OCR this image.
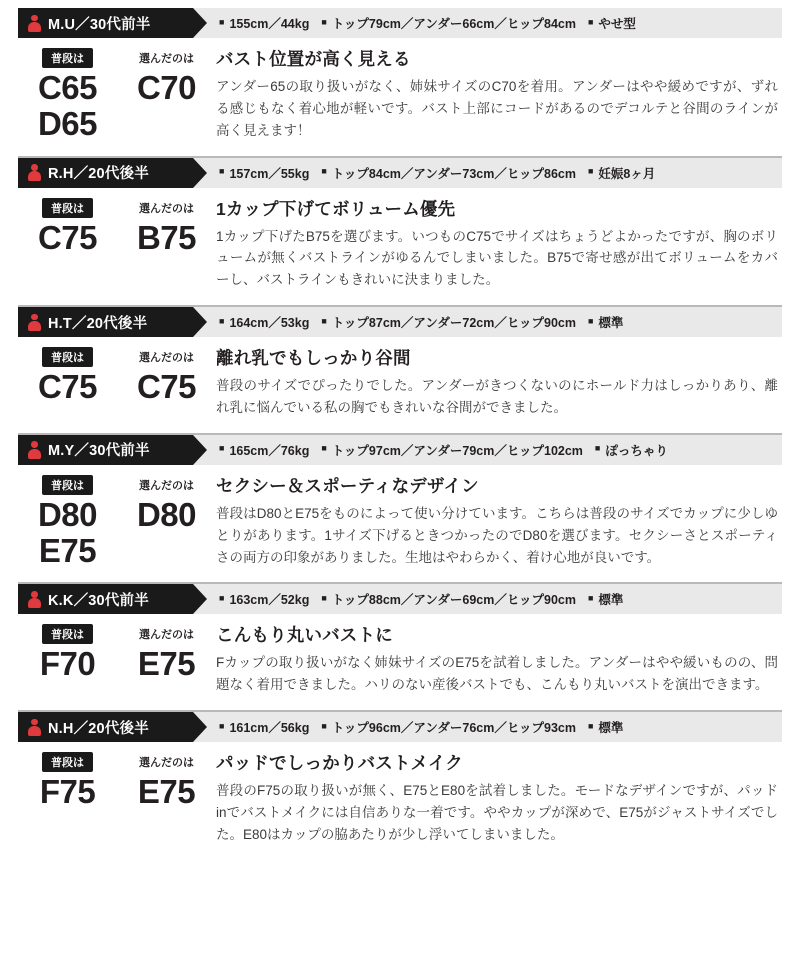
M.U／30代前半	■ 155cm／44kg ■ トップ79cm／アンダー66cm／ヒップ84cm ■ やせ型
普段は
C65
D65
選んだのは
C70
バスト位置が高く見える

アンダー65の取り扱いがなく、姉妹サイズのC70を着用。アンダーはやや緩めですが、ずれる感じもなく着心地が軽いです。バスト上部にコードがあるのでデコルテと谷間のラインが高く見えます！

R.H／20代後半	■ 157cm／55kg ■ トップ84cm／アンダー73cm／ヒップ86cm ■ 妊娠8ヶ月
普段は
C75
選んだのは
B75
1カップ下げてボリューム優先

1カップ下げたB75を選びます。いつものC75でサイズはちょうどよかったですが、胸のボリュームが無くバストラインがゆるんでしまいました。B75で寄せ感が出てボリュームをカバーし、バストラインもきれいに決まりました。

H.T／20代後半	■ 164cm／53kg ■ トップ87cm／アンダー72cm／ヒップ90cm ■ 標準
普段は
C75
選んだのは
C75
離れ乳でもしっかり谷間

普段のサイズでぴったりでした。アンダーがきつくないのにホールド力はしっかりあり、離れ乳に悩んでいる私の胸でもきれいな谷間ができました。

M.Y／30代前半	■ 165cm／76kg ■ トップ97cm／アンダー79cm／ヒップ102cm ■ ぽっちゃり
普段は
D80
E75
選んだのは
D80
セクシー＆スポーティなデザイン

普段はD80とE75をものによって使い分けています。こちらは普段のサイズでカップに少しゆとりがあります。1サイズ下げるときつかったのでD80を選びます。セクシーさとスポーティさの両方の印象がありました。生地はやわらかく、着け心地が良いです。

K.K／30代前半	■ 163cm／52kg ■ トップ88cm／アンダー69cm／ヒップ90cm ■ 標準
普段は
F70
選んだのは
E75
こんもり丸いバストに

Fカップの取り扱いがなく姉妹サイズのE75を試着しました。アンダーはやや緩いものの、問題なく着用できました。ハリのない産後バストでも、こんもり丸いバストを演出できます。

N.H／20代後半	■ 161cm／56kg ■ トップ96cm／アンダー76cm／ヒップ93cm ■ 標準
普段は
F75
選んだのは
E75
パッドでしっかりバストメイク

普段のF75の取り扱いが無く、E75とE80を試着しました。モードなデザインですが、パッドinでバストメイクには自信ありな一着です。ややカップが深めで、E75がジャストサイズでした。E80はカップの脇あたりが少し浮いてしまいました。
